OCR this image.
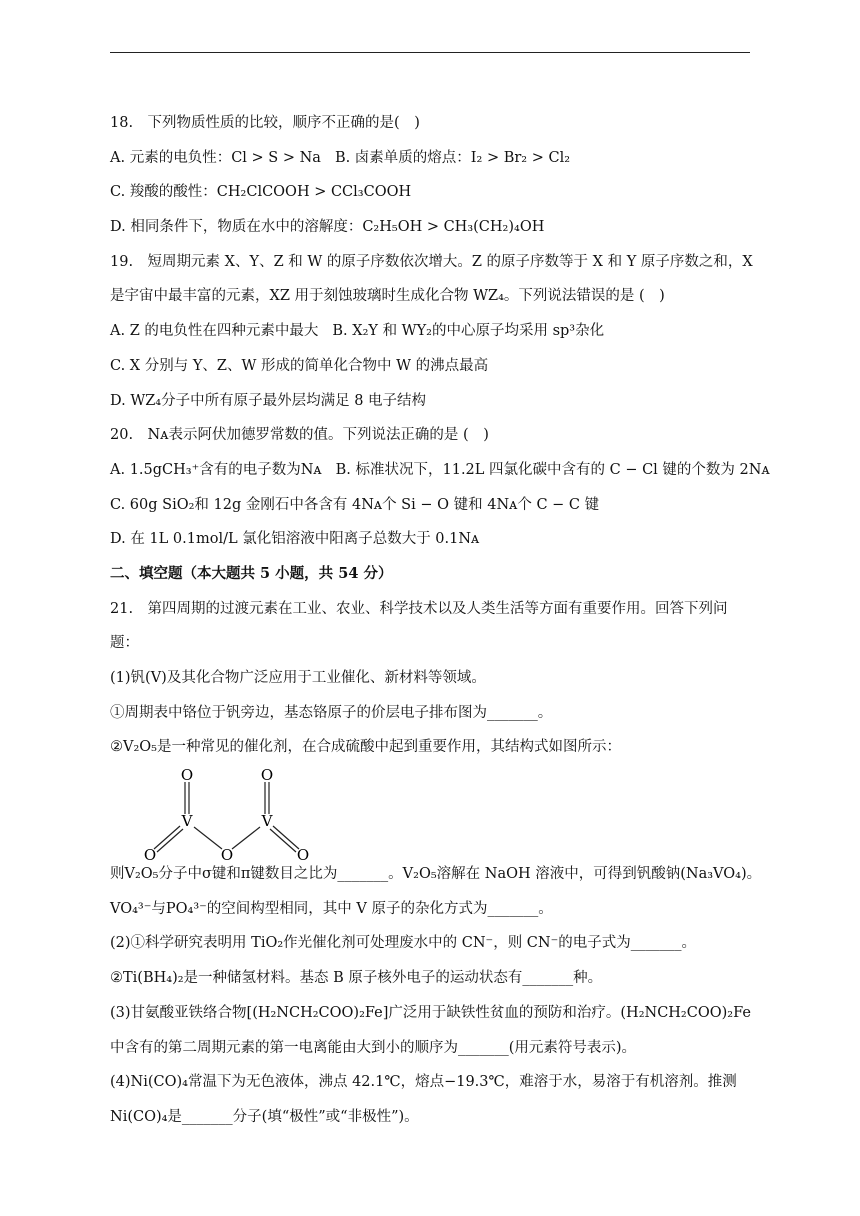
18.　下列物质性质的比较，顺序不正确的是(　)
A. 元素的电负性：Cl > S > Na B. 卤素单质的熔点：I₂ > Br₂ > Cl₂
C. 羧酸的酸性：CH₂ClCOOH > CCl₃COOH
D. 相同条件下，物质在水中的溶解度：C₂H₅OH > CH₃(CH₂)₄OH
19.　短周期元素 X、Y、Z 和 W 的原子序数依次增大。Z 的原子序数等于 X 和 Y 原子序数之和，X
是宇宙中最丰富的元素，XZ 用于刻蚀玻璃时生成化合物 WZ₄。下列说法错误的是 (　)
A. Z 的电负性在四种元素中最大 B. X₂Y 和 WY₂的中心原子均采用 sp³杂化
C. X 分别与 Y、Z、W 形成的简单化合物中 W 的沸点最高
D. WZ₄分子中所有原子最外层均满足 8 电子结构
20.　Nᴀ表示阿伏加德罗常数的值。下列说法正确的是 (　)
A. 1.5gCH₃⁺含有的电子数为Nᴀ B. 标准状况下，11.2L 四氯化碳中含有的 C − Cl 键的个数为 2Nᴀ
C. 60g SiO₂和 12g 金刚石中各含有 4Nᴀ个 Si − O 键和 4Nᴀ个 C − C 键
D. 在 1L 0.1mol/L 氯化铝溶液中阳离子总数大于 0.1Nᴀ
二、填空题（本大题共 5 小题，共 54 分）
21.　第四周期的过渡元素在工业、农业、科学技术以及人类生活等方面有重要作用。回答下列问
题：
(1)钒(V)及其化合物广泛应用于工业催化、新材料等领域。
①周期表中铬位于钒旁边，基态铬原子的价层电子排布图为_______。
②V₂O₅是一种常见的催化剂，在合成硫酸中起到重要作用，其结构式如图所示：
O
V
O
V
O	O	O
则V₂O₅分子中σ键和π键数目之比为_______。V₂O₅溶解在 NaOH 溶液中，可得到钒酸钠(Na₃VO₄)。
VO₄³⁻与PO₄³⁻的空间构型相同，其中 V 原子的杂化方式为_______。
(2)①科学研究表明用 TiO₂作光催化剂可处理废水中的 CN⁻，则 CN⁻的电子式为_______。
②Ti(BH₄)₂是一种储氢材料。基态 B 原子核外电子的运动状态有_______种。
(3)甘氨酸亚铁络合物[(H₂NCH₂COO)₂Fe]广泛用于缺铁性贫血的预防和治疗。(H₂NCH₂COO)₂Fe
中含有的第二周期元素的第一电离能由大到小的顺序为_______(用元素符号表示)。
(4)Ni(CO)₄常温下为无色液体，沸点 42.1℃，熔点−19.3℃，难溶于水，易溶于有机溶剂。推测
Ni(CO)₄是_______分子(填“极性”或“非极性”)。
